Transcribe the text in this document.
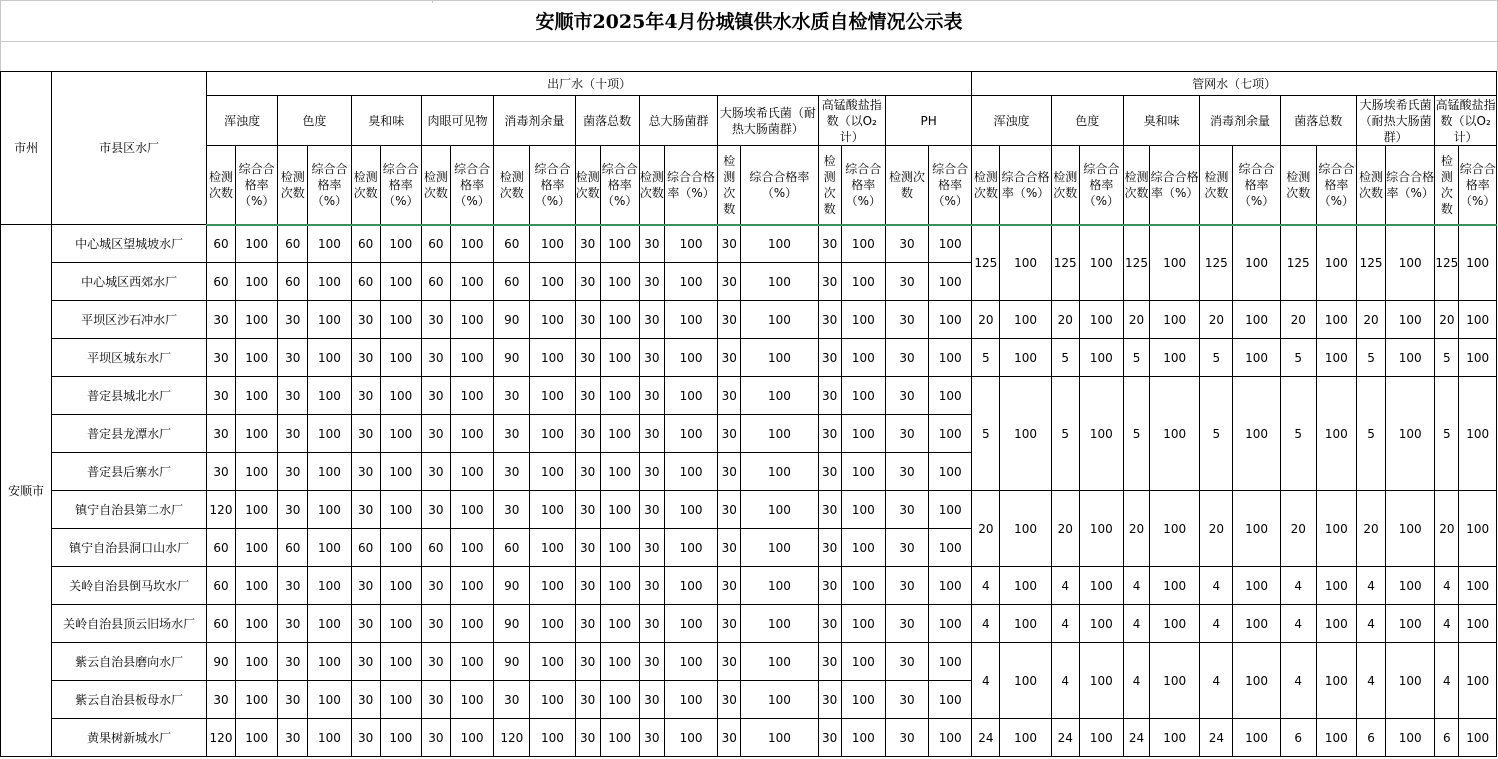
安顺市2025年4月份城镇供水水质自检情况公示表
市州	市县区水厂	出厂水（十项）																				管网水（七项）													
		浑浊度		色度		臭和味		肉眼可见物		消毒剂余量		菌落总数		总大肠菌群		大肠埃希氏菌（耐热大肠菌群）		高锰酸盐指数（以O₂计）		PH		浑浊度		色度		臭和味		消毒剂余量		菌落总数		大肠埃希氏菌（耐热大肠菌群）		高锰酸盐指数（以O₂计）	
		检测次数	综合合格率（%）	检测次数	综合合格率（%）	检测次数	综合合格率（%）	检测次数	综合合格率（%）	检测次数	综合合格率（%）	检测次数	综合合格率（%）	检测次数	综合合格率（%）	检测次数	综合合格率（%）	检测次数	综合合格率（%）	检测次数	综合合格率（%）	检测次数	综合合格率（%）	检测次数	综合合格率（%）	检测次数	综合合格率（%）	检测次数	综合合格率（%）	检测次数	综合合格率（%）	检测次数	综合合格率（%）	检测次数	综合合格率（%）
安顺市	中心城区望城坡水厂	60	100	60	100	60	100	60	100	60	100	30	100	30	100	30	100	30	100	30	100	125	100	125	100	125	100	125	100	125	100	125	100	125	100
	中心城区西郊水厂	60	100	60	100	60	100	60	100	60	100	30	100	30	100	30	100	30	100	30	100														
	平坝区沙石冲水厂	30	100	30	100	30	100	30	100	90	100	30	100	30	100	30	100	30	100	30	100	20	100	20	100	20	100	20	100	20	100	20	100	20	100
	平坝区城东水厂	30	100	30	100	30	100	30	100	90	100	30	100	30	100	30	100	30	100	30	100	5	100	5	100	5	100	5	100	5	100	5	100	5	100
	普定县城北水厂	30	100	30	100	30	100	30	100	30	100	30	100	30	100	30	100	30	100	30	100	5	100	5	100	5	100	5	100	5	100	5	100	5	100
	普定县龙潭水厂	30	100	30	100	30	100	30	100	30	100	30	100	30	100	30	100	30	100	30	100														
	普定县后寨水厂	30	100	30	100	30	100	30	100	30	100	30	100	30	100	30	100	30	100	30	100														
	镇宁自治县第二水厂	120	100	30	100	30	100	30	100	30	100	30	100	30	100	30	100	30	100	30	100	20	100	20	100	20	100	20	100	20	100	20	100	20	100
	镇宁自治县洞口山水厂	60	100	60	100	60	100	60	100	60	100	30	100	30	100	30	100	30	100	30	100														
	关岭自治县倒马坎水厂	60	100	30	100	30	100	30	100	90	100	30	100	30	100	30	100	30	100	30	100	4	100	4	100	4	100	4	100	4	100	4	100	4	100
	关岭自治县顶云旧场水厂	60	100	30	100	30	100	30	100	90	100	30	100	30	100	30	100	30	100	30	100	4	100	4	100	4	100	4	100	4	100	4	100	4	100
	紫云自治县磨向水厂	90	100	30	100	30	100	30	100	90	100	30	100	30	100	30	100	30	100	30	100	4	100	4	100	4	100	4	100	4	100	4	100	4	100
	紫云自治县板母水厂	30	100	30	100	30	100	30	100	30	100	30	100	30	100	30	100	30	100	30	100														
	黄果树新城水厂	120	100	30	100	30	100	30	100	120	100	30	100	30	100	30	100	30	100	30	100	24	100	24	100	24	100	24	100	6	100	6	100	6	100
